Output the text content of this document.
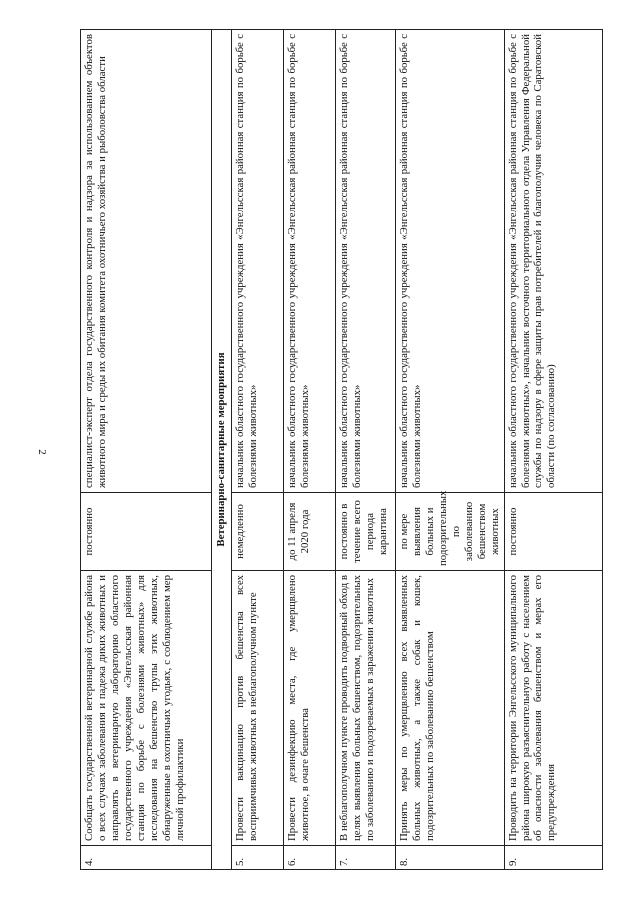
2
4.	Сообщать государственной ветеринарной службе района о всех случаях заболевания и падежа диких животных и направлять в ветеринарную лабораторию областного государственного учреждения «Энгельсская районная станция по борьбе с болезнями животных» для исследования на бешенство трупы этих животных, обнаруженные в охотничьих угодьях, с соблюдением мер личной профилактики	постоянно	специалист-эксперт отдела государственного контроля и надзора за использованием объектов животного мира и среды их обитания комитета охотничьего хозяйства и рыболовства области
Ветеринарно-санитарные мероприятия			
5.	Провести вакцинацию против бешенства всех восприимчивых животных в неблагополучном пункте	немедленно	начальник областного государственного учреждения «Энгельсская районная станция по борьбе с болезнями животных»
6.	Провести дезинфекцию места, где умерщвлено животное, в очаге бешенства	до 11 апреля 2020 года	начальник областного государственного учреждения «Энгельсская районная станция по борьбе с болезнями животных»
7.	В неблагополучном пункте проводить подворный обход в целях выявления больных бешенством, подозрительных по заболеванию и подозреваемых в заражении животных	постоянно в течение всего периода карантина	начальник областного государственного учреждения «Энгельсская районная станция по борьбе с болезнями животных»
8.	Принять меры по умерщвлению всех выявленных больных животных, а также собак и кошек, подозрительных по заболеванию бешенством	по мере выявления больных и подозрительных по заболеванию бешенством животных	начальник областного государственного учреждения «Энгельсская районная станция по борьбе с болезнями животных»
9.	Проводить на территории Энгельсского муниципального района широкую разъяснительную работу с населением об опасности заболевания бешенством и мерах его предупреждения	постоянно	начальник областного государственного учреждения «Энгельсская районная станция по борьбе с болезнями животных», начальник восточного территориального отдела Управления Федеральной службы по надзору в сфере защиты прав потребителей и благополучия человека по Саратовской области (по согласованию)
